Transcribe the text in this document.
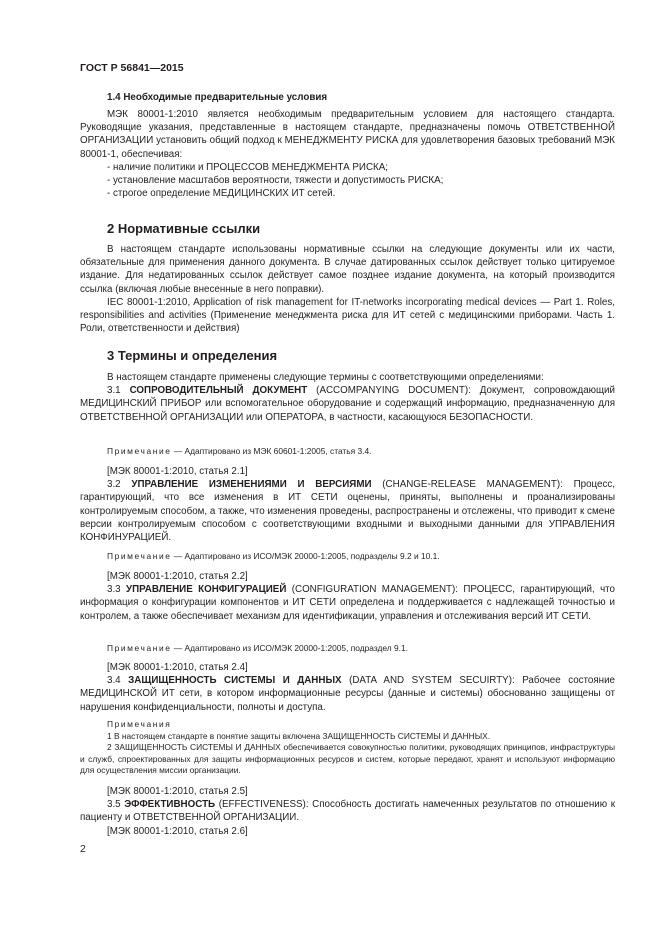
ГОСТ Р 56841—2015
1.4 Необходимые предварительные условия

МЭК 80001-1:2010 является необходимым предварительным условием для настоящего стандарта. Руководящие указания, представленные в настоящем стандарте, предназначены помочь ОТВЕТСТВЕННОЙ ОРГАНИЗАЦИИ установить общий подход к МЕНЕДЖМЕНТУ РИСКА для удовлетворения базовых требований МЭК 80001-1, обеспечивая:

- наличие политики и ПРОЦЕССОВ МЕНЕДЖМЕНТА РИСКА;

- установление масштабов вероятности, тяжести и допустимость РИСКА;

- строгое определение МЕДИЦИНСКИХ ИТ сетей.

2 Нормативные ссылки

В настоящем стандарте использованы нормативные ссылки на следующие документы или их части, обязательные для применения данного документа. В случае датированных ссылок действует только цитируемое издание. Для недатированных ссылок действует самое позднее издание документа, на который производится ссылка (включая любые внесенные в него поправки).

IEC 80001-1:2010, Application of risk management for IT-networks incorporating medical devices — Part 1. Roles, responsibilities and activities (Применение менеджмента риска для ИТ сетей с медицинскими приборами. Часть 1. Роли, ответственности и действия)

3 Термины и определения

В настоящем стандарте применены следующие термины с соответствующими определениями:

3.1 СОПРОВОДИТЕЛЬНЫЙ ДОКУМЕНТ (ACCOMPANYING DOCUMENT): Документ, сопровождающий МЕДИЦИНСКИЙ ПРИБОР или вспомогательное оборудование и содержащий информацию, предназначенную для ОТВЕТСТВЕННОЙ ОРГАНИЗАЦИИ или ОПЕРАТОРА, в частности, касающуюся БЕЗОПАСНОСТИ.

Примечание — Адаптировано из МЭК 60601-1:2005, статья 3.4.

[МЭК 80001-1:2010, статья 2.1]

3.2 УПРАВЛЕНИЕ ИЗМЕНЕНИЯМИ И ВЕРСИЯМИ (CHANGE-RELEASE MANAGEMENT): Процесс, гарантирующий, что все изменения в ИТ СЕТИ оценены, приняты, выполнены и проанализированы контролируемым способом, а также, что изменения проведены, распространены и отслежены, что приводит к смене версии контролируемым способом с соответствующими входными и выходными данными для УПРАВЛЕНИЯ КОНФИНУРАЦИЕЙ.

Примечание — Адаптировано из ИСО/МЭК 20000-1:2005, подразделы 9.2 и 10.1.

[МЭК 80001-1:2010, статья 2.2]

3.3 УПРАВЛЕНИЕ КОНФИГУРАЦИЕЙ (CONFIGURATION MANAGEMENT): ПРОЦЕСС, гарантирующий, что информация о конфигурации компонентов и ИТ СЕТИ определена и поддерживается с надлежащей точностью и контролем, а также обеспечивает механизм для идентификации, управления и отслеживания версий ИТ СЕТИ.

Примечание — Адаптировано из ИСО/МЭК 20000-1:2005, подраздел 9.1.

[МЭК 80001-1:2010, статья 2.4]

3.4 ЗАЩИЩЕННОСТЬ СИСТЕМЫ И ДАННЫХ (DATA AND SYSTEM SECUIRTY): Рабочее состояние МЕДИЦИНСКОЙ ИТ сети, в котором информационные ресурсы (данные и системы) обоснованно защищены от нарушения конфиденциальности, полноты и доступа.

Примечания

1 В настоящем стандарте в понятие защиты включена ЗАЩИЩЕННОСТЬ СИСТЕМЫ И ДАННЫХ.

2 ЗАЩИЩЕННОСТЬ СИСТЕМЫ И ДАННЫХ обеспечивается совокупностью политики, руководящих принципов, инфраструктуры и служб, спроектированных для защиты информационных ресурсов и систем, которые передают, хранят и используют информацию для осуществления миссии организации.

[МЭК 80001-1:2010, статья 2.5]

3.5 ЭФФЕКТИВНОСТЬ (EFFECTIVENESS): Способность достигать намеченных результатов по отношению к пациенту и ОТВЕТСТВЕННОЙ ОРГАНИЗАЦИИ.

[МЭК 80001-1:2010, статья 2.6]

2
